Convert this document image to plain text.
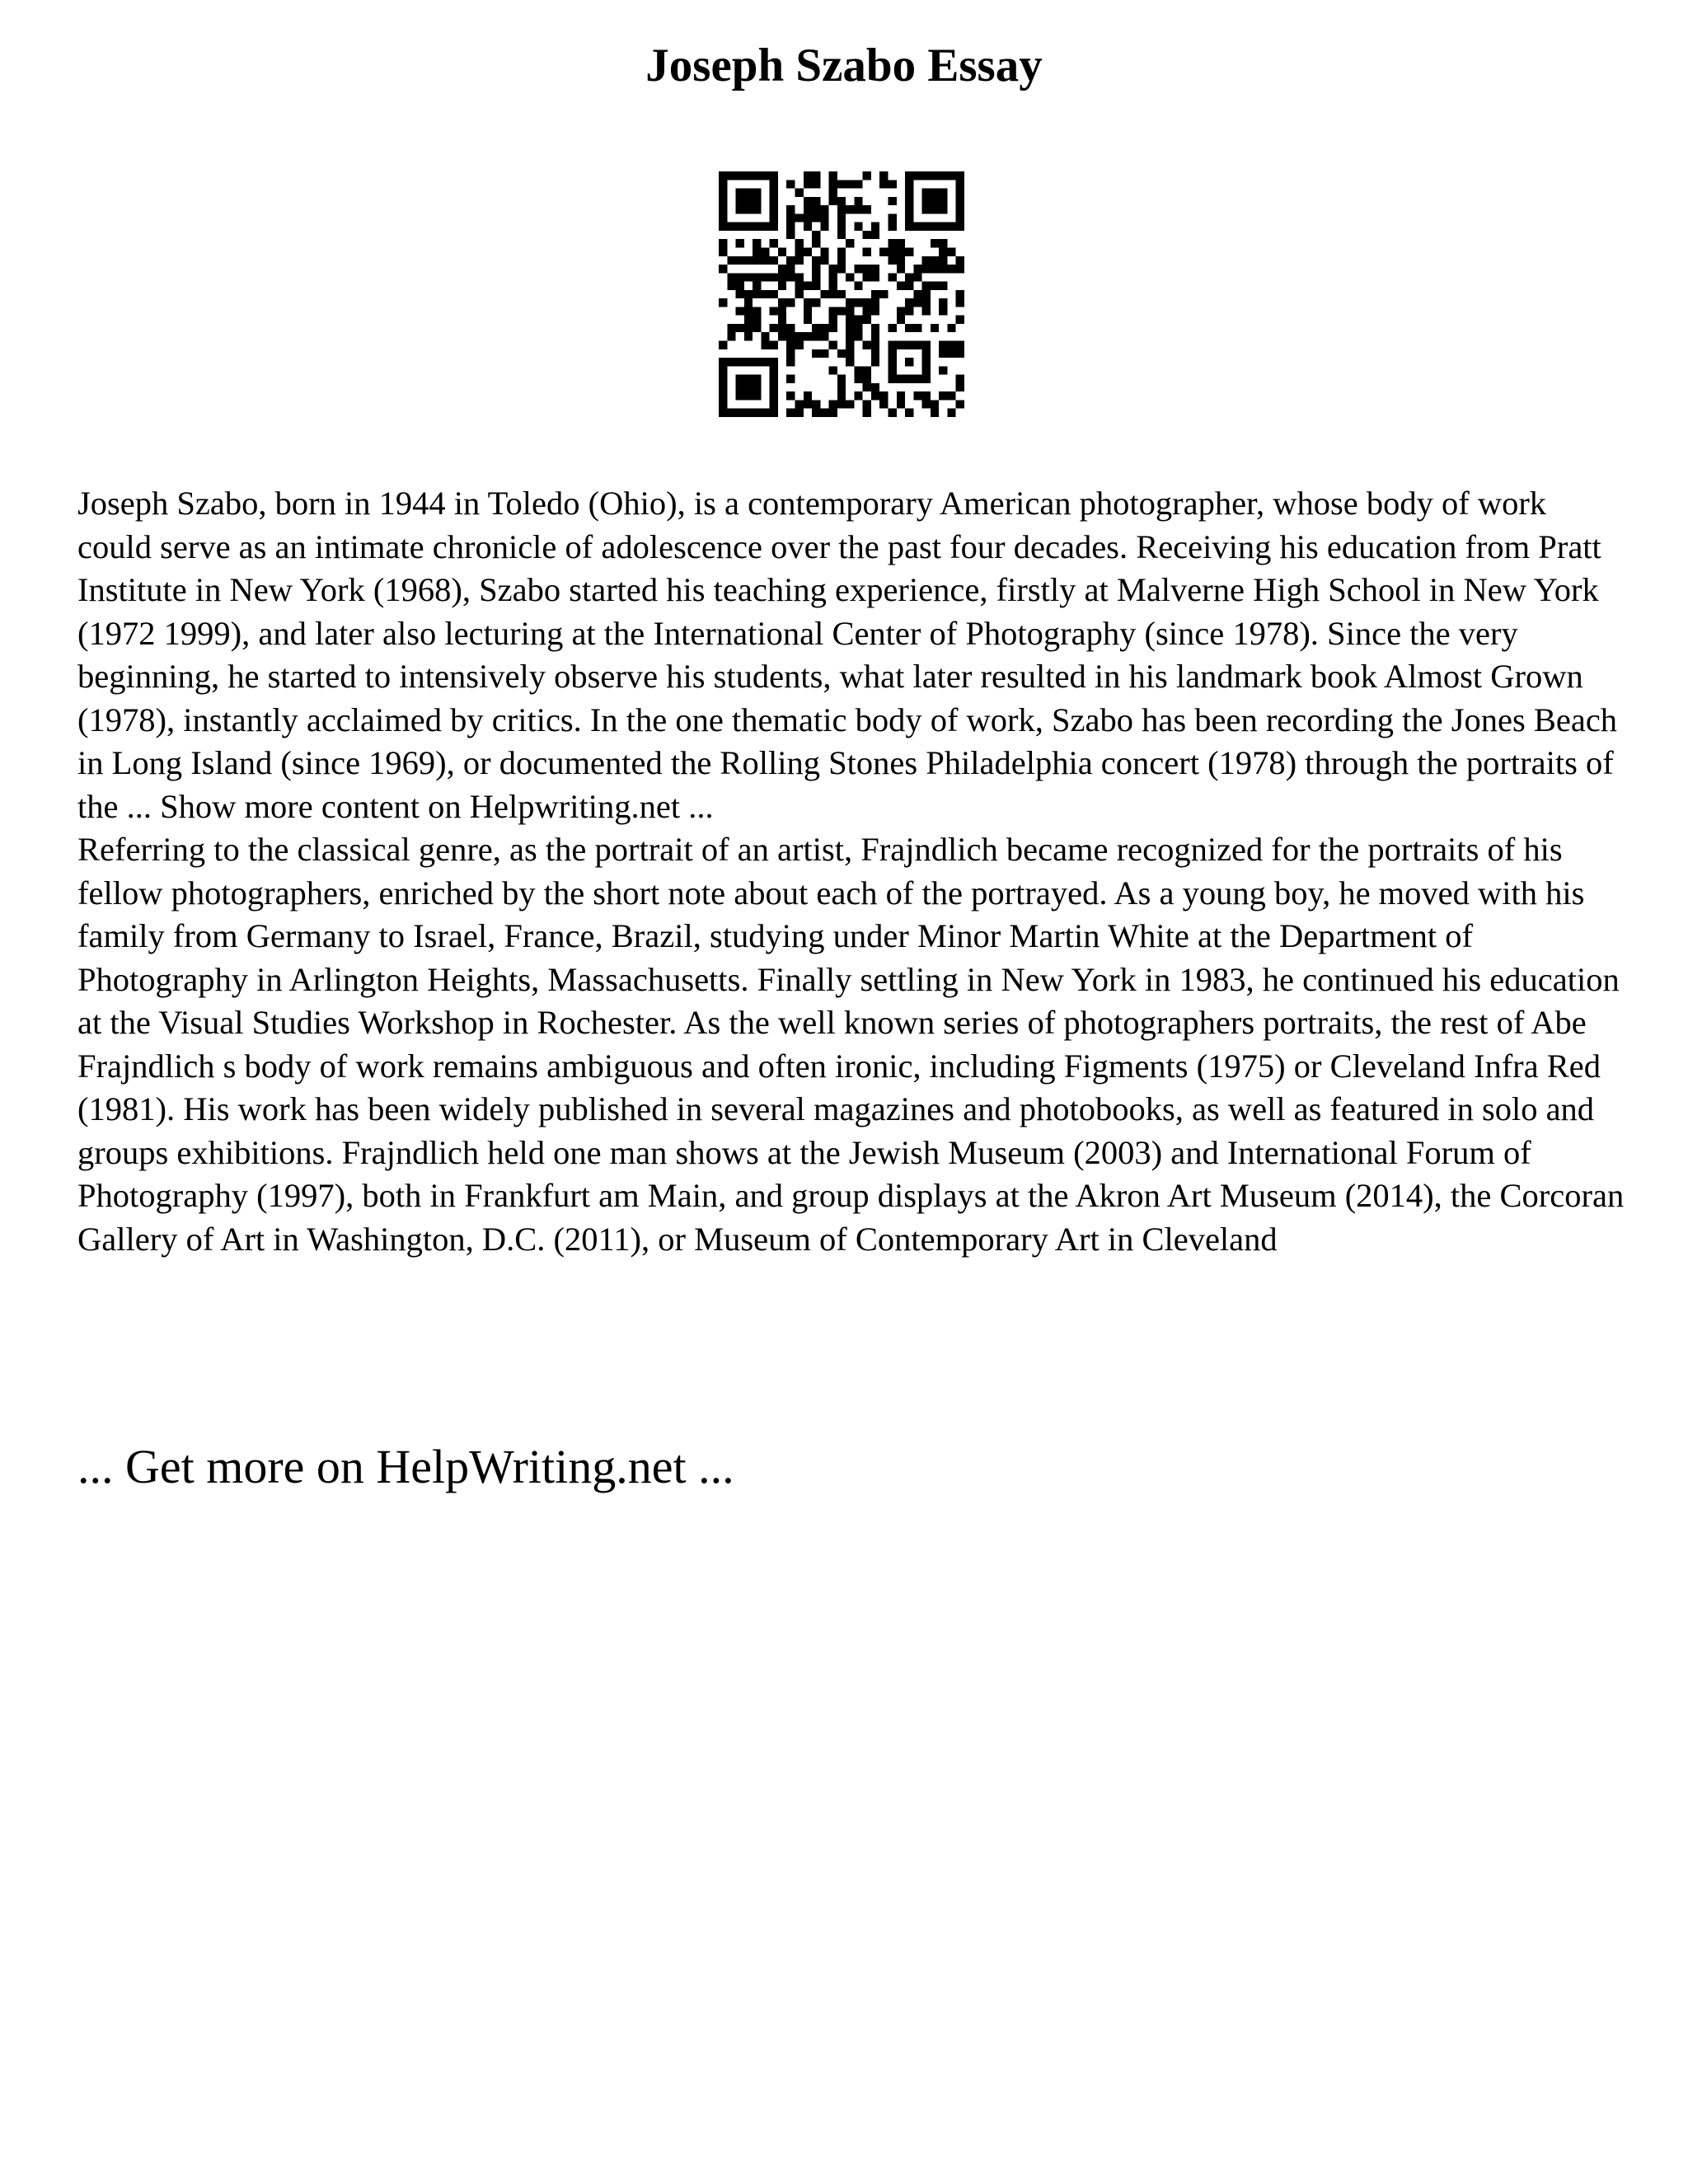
Joseph Szabo Essay

Joseph Szabo, born in 1944 in Toledo (Ohio), is a contemporary American photographer, whose body of work could serve as an intimate chronicle of adolescence over the past four decades. Receiving his education from Pratt Institute in New York (1968), Szabo started his teaching experience, firstly at Malverne High School in New York (1972 1999), and later also lecturing at the International Center of Photography (since 1978). Since the very beginning, he started to intensively observe his students, what later resulted in his landmark book Almost Grown (1978), instantly acclaimed by critics. In the one thematic body of work, Szabo has been recording the Jones Beach in Long Island (since 1969), or documented the Rolling Stones Philadelphia concert (1978) through the portraits of the ... Show more content on Helpwriting.net ...

Referring to the classical genre, as the portrait of an artist, Frajndlich became recognized for the portraits of his fellow photographers, enriched by the short note about each of the portrayed. As a young boy, he moved with his family from Germany to Israel, France, Brazil, studying under Minor Martin White at the Department of Photography in Arlington Heights, Massachusetts. Finally settling in New York in 1983, he continued his education at the Visual Studies Workshop in Rochester. As the well known series of photographers portraits, the rest of Abe Frajndlich s body of work remains ambiguous and often ironic, including Figments (1975) or Cleveland Infra Red (1981). His work has been widely published in several magazines and photobooks, as well as featured in solo and groups exhibitions. Frajndlich held one man shows at the Jewish Museum (2003) and International Forum of Photography (1997), both in Frankfurt am Main, and group displays at the Akron Art Museum (2014), the Corcoran Gallery of Art in Washington, D.C. (2011), or Museum of Contemporary Art in Cleveland

... Get more on HelpWriting.net ...
